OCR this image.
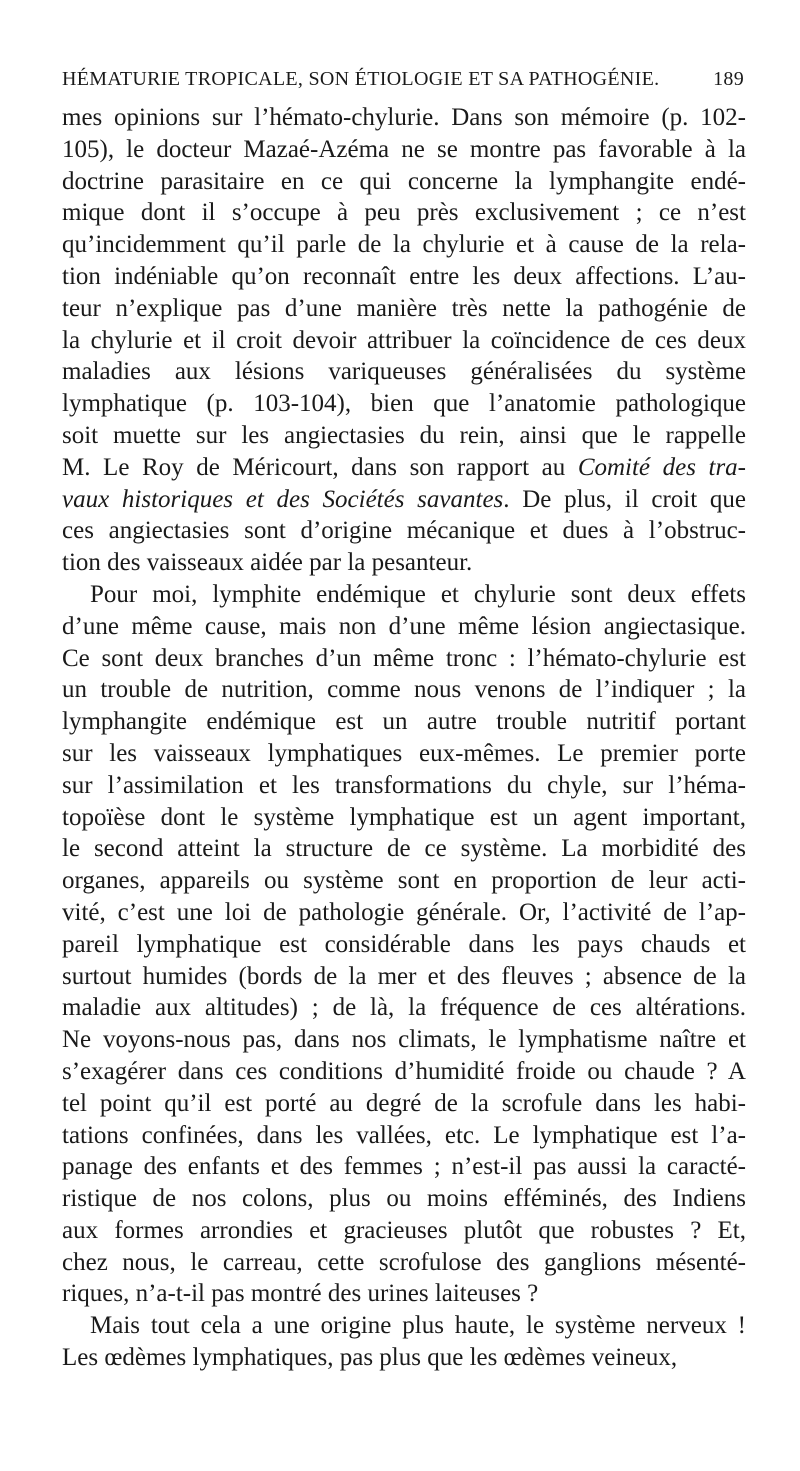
HÉMATURIE TROPICALE, SON ÉTIOLOGIE ET SA PATHOGÉNIE.	189

mes opinions sur l’hémato-chylurie. Dans son mémoire (p. 102-
105), le docteur Mazaé-Azéma ne se montre pas favorable à la
doctrine parasitaire en ce qui concerne la lymphangite endé-
mique dont il s’occupe à peu près exclusivement ; ce n’est
qu’incidemment qu’il parle de la chylurie et à cause de la rela-
tion indéniable qu’on reconnaît entre les deux affections. L’au-
teur n’explique pas d’une manière très nette la pathogénie de
la chylurie et il croit devoir attribuer la coïncidence de ces deux
maladies aux lésions variqueuses généralisées du système
lymphatique (p. 103-104), bien que l’anatomie pathologique
soit muette sur les angiectasies du rein, ainsi que le rappelle
M. Le Roy de Méricourt, dans son rapport au Comité des tra-
vaux historiques et des Sociétés savantes. De plus, il croit que
ces angiectasies sont d’origine mécanique et dues à l’obstruc-
tion des vaisseaux aidée par la pesanteur.

Pour moi, lymphite endémique et chylurie sont deux effets
d’une même cause, mais non d’une même lésion angiectasique.
Ce sont deux branches d’un même tronc : l’hémato-chylurie est
un trouble de nutrition, comme nous venons de l’indiquer ; la
lymphangite endémique est un autre trouble nutritif portant
sur les vaisseaux lymphatiques eux-mêmes. Le premier porte
sur l’assimilation et les transformations du chyle, sur l’héma-
topoïèse dont le système lymphatique est un agent important,
le second atteint la structure de ce système. La morbidité des
organes, appareils ou système sont en proportion de leur acti-
vité, c’est une loi de pathologie générale. Or, l’activité de l’ap-
pareil lymphatique est considérable dans les pays chauds et
surtout humides (bords de la mer et des fleuves ; absence de la
maladie aux altitudes) ; de là, la fréquence de ces altérations.
Ne voyons-nous pas, dans nos climats, le lymphatisme naître et
s’exagérer dans ces conditions d’humidité froide ou chaude ? A
tel point qu’il est porté au degré de la scrofule dans les habi-
tations confinées, dans les vallées, etc. Le lymphatique est l’a-
panage des enfants et des femmes ; n’est-il pas aussi la caracté-
ristique de nos colons, plus ou moins efféminés, des Indiens
aux formes arrondies et gracieuses plutôt que robustes ? Et,
chez nous, le carreau, cette scrofulose des ganglions mésenté-
riques, n’a-t-il pas montré des urines laiteuses ?

Mais tout cela a une origine plus haute, le système nerveux !
Les œdèmes lymphatiques, pas plus que les œdèmes veineux,
